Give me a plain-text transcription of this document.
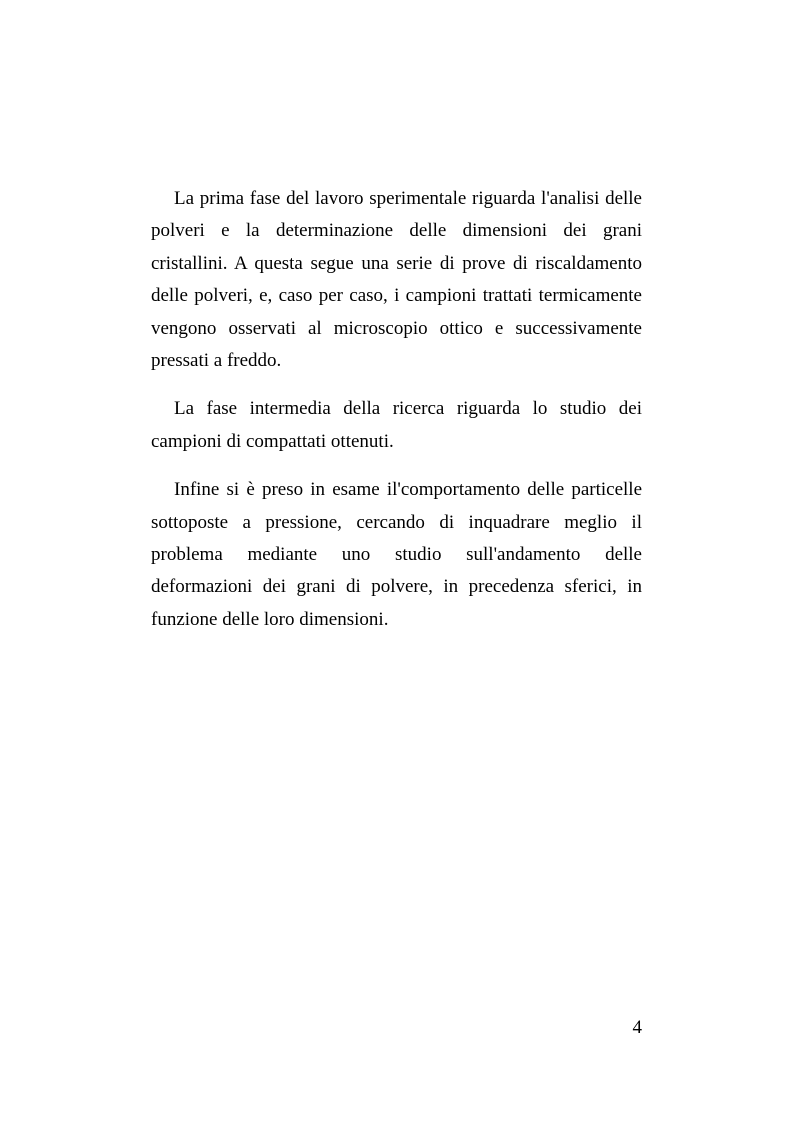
La prima fase del lavoro sperimentale riguarda l'analisi delle polveri e la determinazione delle dimensioni dei grani cristallini. A questa segue una serie di prove di riscaldamento delle polveri, e, caso per caso, i campioni trattati termicamente vengono osservati al microscopio ottico e successivamente pressati a freddo.

La fase intermedia della ricerca riguarda lo studio dei campioni di compattati ottenuti.

Infine si è preso in esame il'comportamento delle particelle sottoposte a pressione, cercando di inquadrare meglio il problema mediante uno studio sull'andamento delle deformazioni dei grani di polvere, in precedenza sferici, in funzione delle loro dimensioni.

4
